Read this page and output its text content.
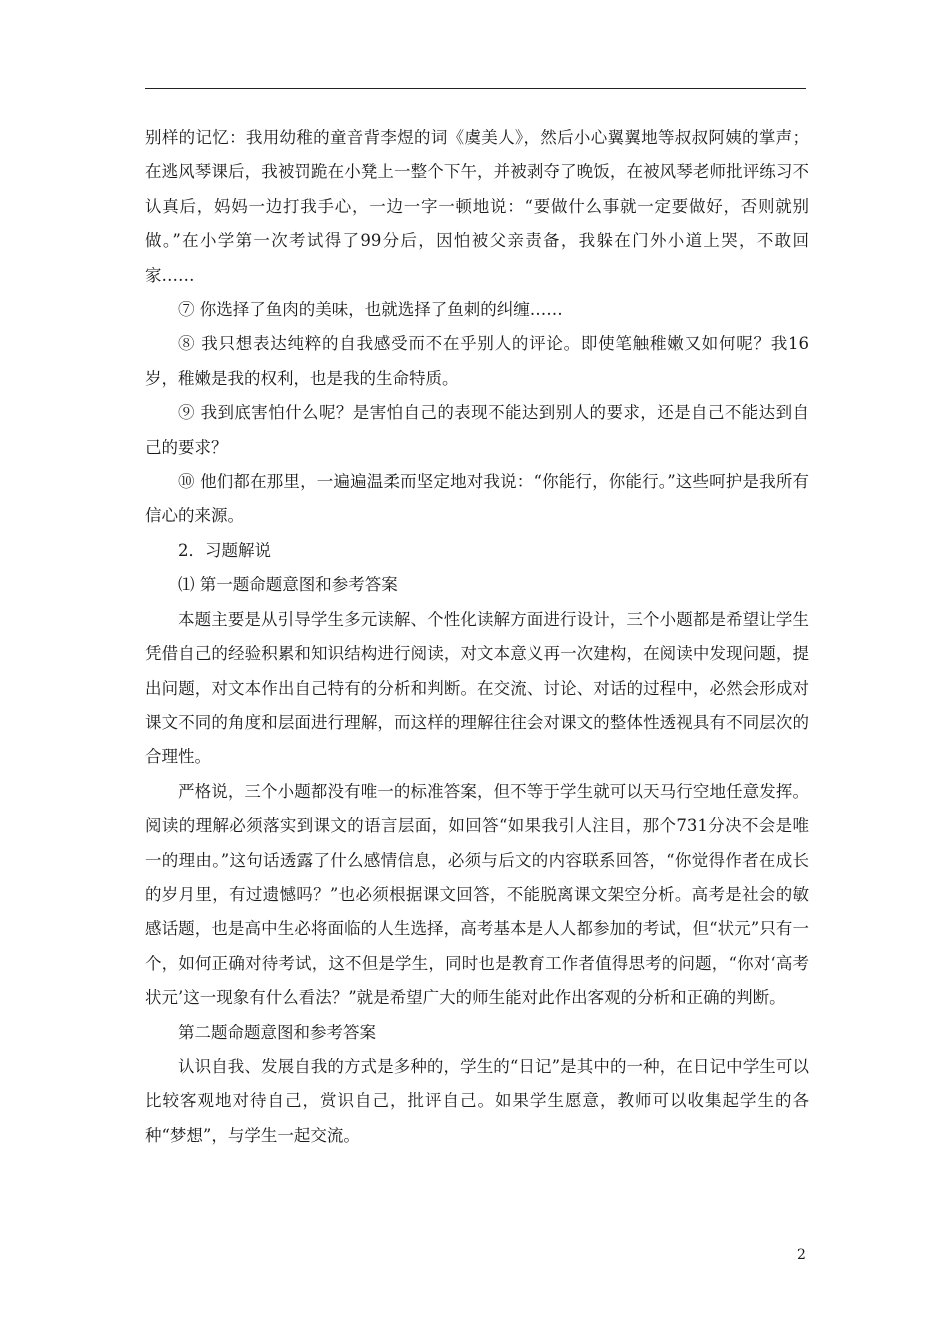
别样的记忆：我用幼稚的童音背李煜的词《虞美人》，然后小心翼翼地等叔叔阿姨的掌声；在逃风琴课后，我被罚跪在小凳上一整个下午，并被剥夺了晚饭，在被风琴老师批评练习不认真后，妈妈一边打我手心，一边一字一顿地说：“要做什么事就一定要做好，否则就别做。”在小学第一次考试得了99分后，因怕被父亲责备，我躲在门外小道上哭，不敢回家……

⑦ 你选择了鱼肉的美味，也就选择了鱼刺的纠缠……

⑧ 我只想表达纯粹的自我感受而不在乎别人的评论。即使笔触稚嫩又如何呢？我16岁，稚嫩是我的权利，也是我的生命特质。

⑨ 我到底害怕什么呢？是害怕自己的表现不能达到别人的要求，还是自己不能达到自己的要求？

⑩ 他们都在那里，一遍遍温柔而坚定地对我说：“你能行，你能行。”这些呵护是我所有信心的来源。

2．习题解说

⑴ 第一题命题意图和参考答案

本题主要是从引导学生多元读解、个性化读解方面进行设计，三个小题都是希望让学生凭借自己的经验积累和知识结构进行阅读，对文本意义再一次建构，在阅读中发现问题，提出问题，对文本作出自己特有的分析和判断。在交流、讨论、对话的过程中，必然会形成对课文不同的角度和层面进行理解，而这样的理解往往会对课文的整体性透视具有不同层次的合理性。

严格说，三个小题都没有唯一的标准答案，但不等于学生就可以天马行空地任意发挥。阅读的理解必须落实到课文的语言层面，如回答“如果我引人注目，那个731分决不会是唯一的理由。”这句话透露了什么感情信息，必须与后文的内容联系回答，“你觉得作者在成长的岁月里，有过遗憾吗？”也必须根据课文回答，不能脱离课文架空分析。高考是社会的敏感话题，也是高中生必将面临的人生选择，高考基本是人人都参加的考试，但“状元”只有一个，如何正确对待考试，这不但是学生，同时也是教育工作者值得思考的问题，“你对‘高考状元’这一现象有什么看法？”就是希望广大的师生能对此作出客观的分析和正确的判断。

第二题命题意图和参考答案

认识自我、发展自我的方式是多种的，学生的“日记”是其中的一种，在日记中学生可以比较客观地对待自己，赏识自己，批评自己。如果学生愿意，教师可以收集起学生的各种“梦想”，与学生一起交流。

2
